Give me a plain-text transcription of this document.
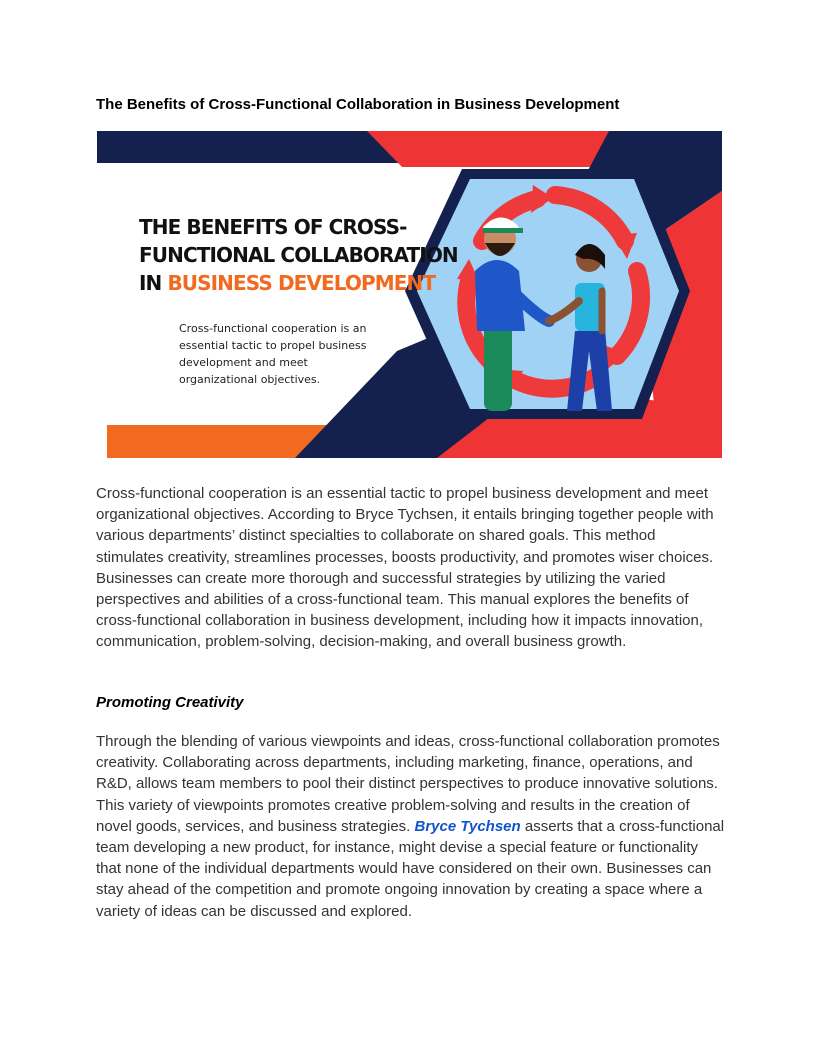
The Benefits of Cross-Functional Collaboration in Business Development
THE BENEFITS OF CROSS-
FUNCTIONAL COLLABORATION
IN BUSINESS DEVELOPMENT

Cross-functional cooperation is an essential tactic to propel business development and meet organizational objectives.

Cross-functional cooperation is an essential tactic to propel business development and meet organizational objectives. According to Bryce Tychsen, it entails bringing together people with various departments’ distinct specialties to collaborate on shared goals. This method stimulates creativity, streamlines processes, boosts productivity, and promotes wiser choices. Businesses can create more thorough and successful strategies by utilizing the varied perspectives and abilities of a cross-functional team. This manual explores the benefits of cross-functional collaboration in business development, including how it impacts innovation, communication, problem-solving, decision-making, and overall business growth.

Promoting Creativity

Through the blending of various viewpoints and ideas, cross-functional collaboration promotes creativity. Collaborating across departments, including marketing, finance, operations, and R&D, allows team members to pool their distinct perspectives to produce innovative solutions. This variety of viewpoints promotes creative problem-solving and results in the creation of novel goods, services, and business strategies. Bryce Tychsen asserts that a cross-functional team developing a new product, for instance, might devise a special feature or functionality that none of the individual departments would have considered on their own. Businesses can stay ahead of the competition and promote ongoing innovation by creating a space where a variety of ideas can be discussed and explored.
